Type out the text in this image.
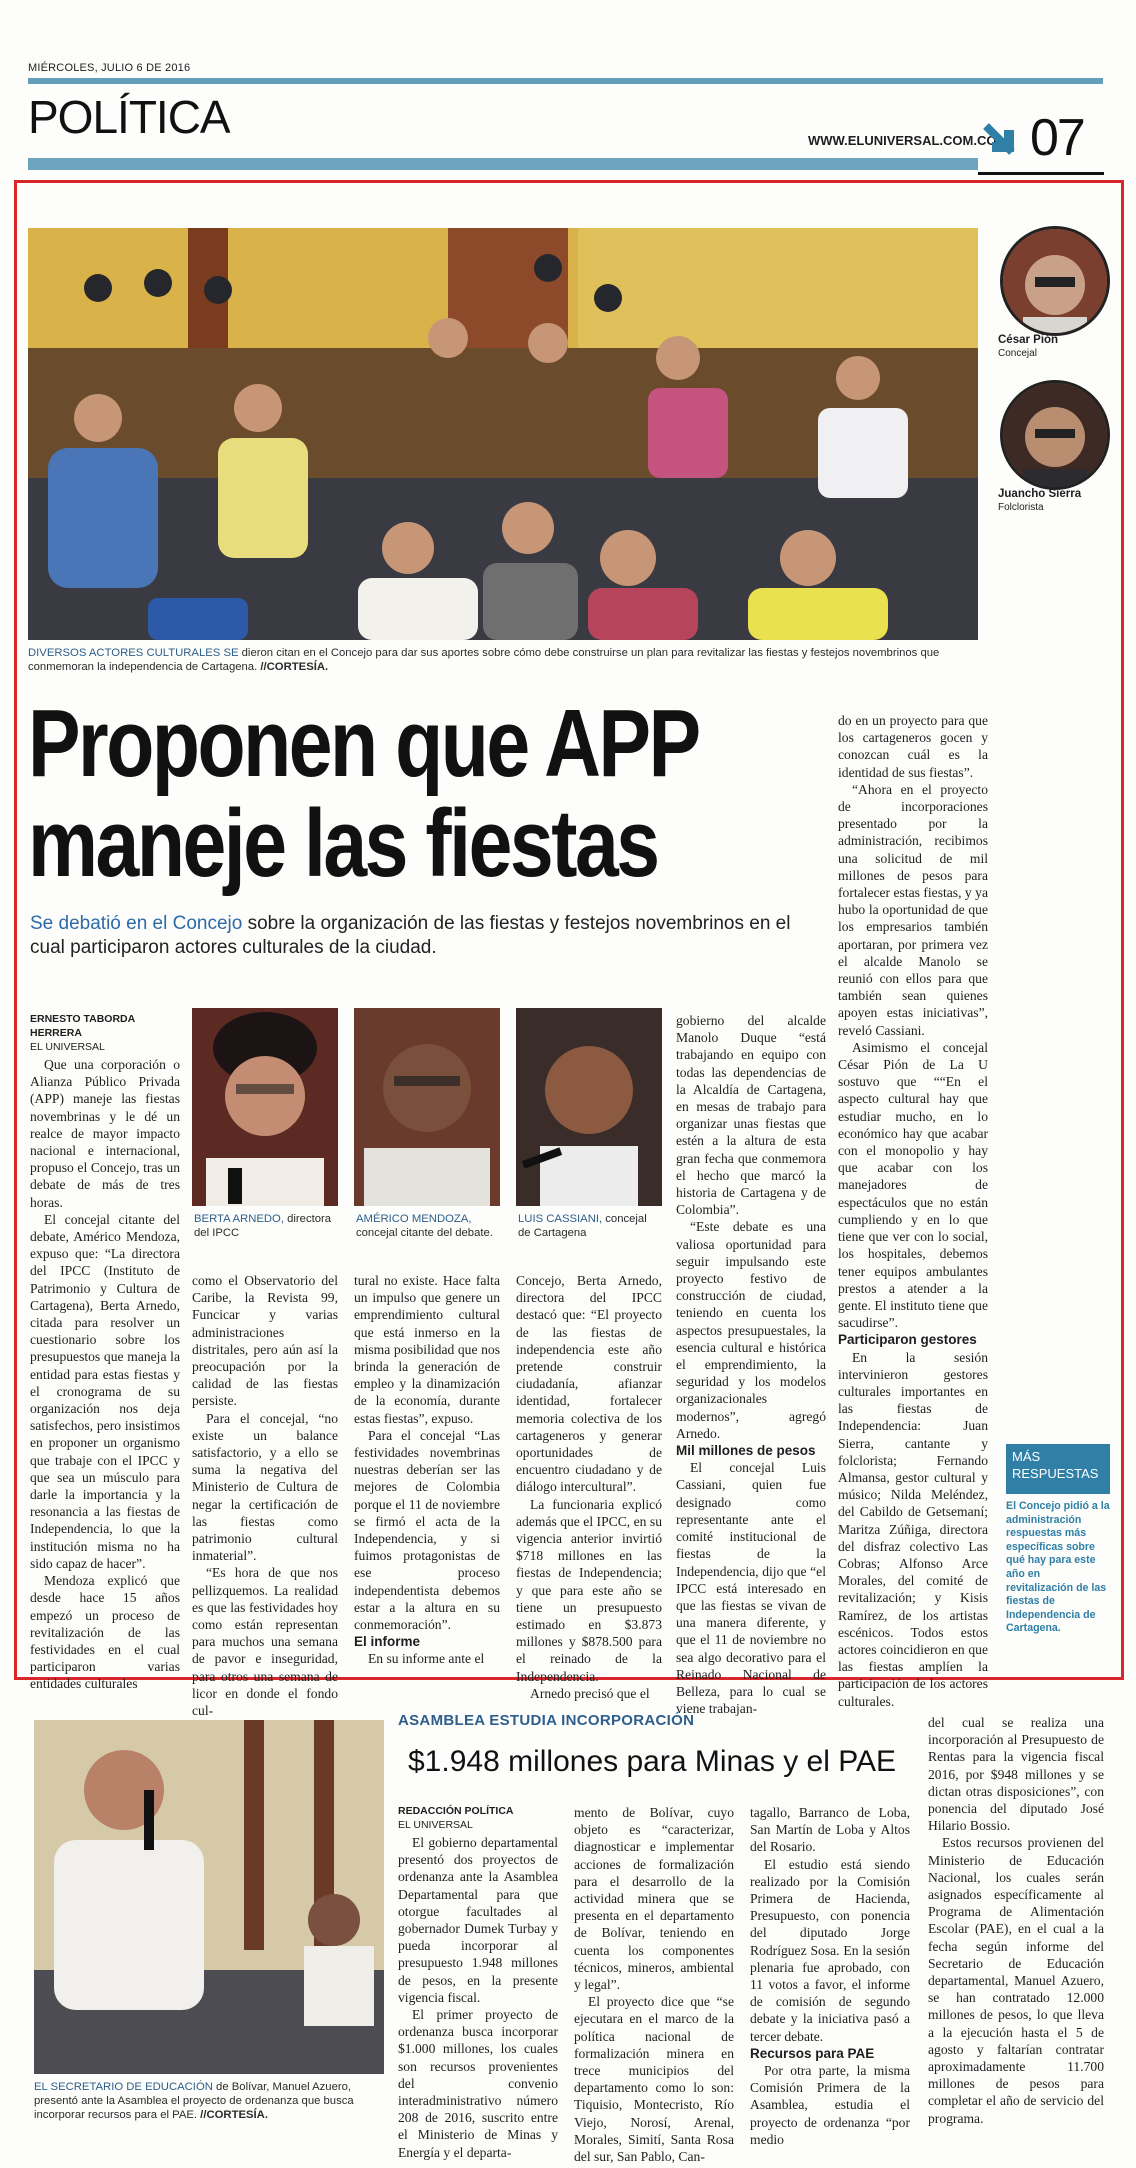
MIÉRCOLES, JULIO 6 DE 2016
POLÍTICA	WWW.ELUNIVERSAL.COM.CO 07
DIVERSOS ACTORES CULTURALES SE dieron citan en el Concejo para dar sus aportes sobre cómo debe construirse un plan para revitalizar las fiestas y festejos novembrinos que conmemoran la independencia de Cartagena. //CORTESÍA.
César Pión
Concejal
Juancho Sierra
Folclorista
MÁS
RESPUESTAS
El Concejo pidió a la administración respuestas más específicas sobre qué hay para este año en revitalización de las fiestas de Independencia de Cartagena.
Proponen que APP
maneje las fiestas
Se debatió en el Concejo sobre la organización de las fiestas y festejos novembrinos en el cual participaron actores culturales de la ciudad.
ERNESTO TABORDA HERRERA
EL UNIVERSAL

Que una corporación o Alianza Público Privada (APP) maneje las fiestas novembrinas y le dé un realce de mayor impacto nacional e internacional, propuso el Concejo, tras un debate de más de tres horas.

El concejal citante del debate, Américo Mendoza, expuso que: “La directora del IPCC (Instituto de Patrimonio y Cultura de Cartagena), Berta Arnedo, citada para resolver un cuestionario sobre los presupuestos que maneja la entidad para estas fiestas y el cronograma de su organización nos deja satisfechos, pero insistimos en proponer un organismo que trabaje con el IPCC y que sea un músculo para darle la importancia y la resonancia a las fiestas de Independencia, lo que la institución misma no ha sido capaz de hacer”.

Mendoza explicó que desde hace 15 años empezó un proceso de revitalización de las festividades en el cual participaron varias entidades culturales

BERTA ARNEDO, directora del IPCC
AMÉRICO MENDOZA, concejal citante del debate.
LUIS CASSIANI, concejal de Cartagena

como el Observatorio del Caribe, la Revista 99, Funcicar y varias administraciones distritales, pero aún así la preocupación por la calidad de las fiestas persiste.

Para el concejal, “no existe un balance satisfactorio, y a ello se suma la negativa del Ministerio de Cultura de negar la certificación de las fiestas como patrimonio cultural inmaterial”.

“Es hora de que nos pellizquemos. La realidad es que las festividades hoy como están representan para muchos una semana de pavor e inseguridad, para otros una semana de licor en donde el fondo cul-

tural no existe. Hace falta un impulso que genere un emprendimiento cultural que está inmerso en la misma posibilidad que nos brinda la generación de empleo y la dinamización de la economía, durante estas fiestas”, expuso.

Para el concejal “Las festividades novembrinas nuestras deberían ser las mejores de Colombia porque el 11 de noviembre se firmó el acta de la Independencia, y si fuimos protagonistas de ese proceso independentista debemos estar a la altura en su conmemoración”.

El informe

En su informe ante el

Concejo, Berta Arnedo, directora del IPCC destacó que: “El proyecto de las fiestas de independencia este año pretende construir ciudadanía, afianzar identidad, fortalecer memoria colectiva de los cartageneros y generar oportunidades de encuentro ciudadano y de diálogo intercultural”.

La funcionaria explicó además que el IPCC, en su vigencia anterior invirtió $718 millones en las fiestas de Independencia; y que para este año se tiene un presupuesto estimado en $3.873 millones y $878.500 para el reinado de la Independencia.

Arnedo precisó que el

gobierno del alcalde Manolo Duque “está trabajando en equipo con todas las dependencias de la Alcaldía de Cartagena, en mesas de trabajo para organizar unas fiestas que estén a la altura de esta gran fecha que conmemora el hecho que marcó la historia de Cartagena y de Colombia”.

“Este debate es una valiosa oportunidad para seguir impulsando este proyecto festivo de construcción de ciudad, teniendo en cuenta los aspectos presupuestales, la esencia cultural e histórica el emprendimiento, la seguridad y los modelos organizacionales modernos”, agregó Arnedo.

Mil millones de pesos

El concejal Luis Cassiani, quien fue designado como representante ante el comité institucional de fiestas de la Independencia, dijo que “el IPCC está interesado en que las fiestas se vivan de una manera diferente, y que el 11 de noviembre no sea algo decorativo para el Reinado Nacional de Belleza, para lo cual se viene trabajan-

do en un proyecto para que los cartageneros gocen y conozcan cuál es la identidad de sus fiestas”.

“Ahora en el proyecto de incorporaciones presentado por la administración, recibimos una solicitud de mil millones de pesos para fortalecer estas fiestas, y ya hubo la oportunidad de que los empresarios también aportaran, por primera vez el alcalde Manolo se reunió con ellos para que también sean quienes apoyen estas iniciativas”, reveló Cassiani.

Asimismo el concejal César Pión de La U sostuvo que ““En el aspecto cultural hay que estudiar mucho, en lo económico hay que acabar con el monopolio y hay que acabar con los manejadores de espectáculos que no están cumpliendo y en lo que tiene que ver con lo social, los hospitales, debemos tener equipos ambulantes prestos a atender a la gente. El instituto tiene que sacudirse”.

Participaron gestores

En la sesión intervinieron gestores culturales importantes en las fiestas de Independencia: Juan Sierra, cantante y folclorista; Fernando Almansa, gestor cultural y músico; Nilda Meléndez, del Cabildo de Getsemaní; Maritza Zúñiga, directora del disfraz colectivo Las Cobras; Alfonso Arce Morales, del comité de revitalización; y Kisis Ramírez, de los artistas escénicos. Todos estos actores coincidieron en que las fiestas amplíen la participación de los actores culturales.

EL SECRETARIO DE EDUCACIÓN de Bolívar, Manuel Azuero, presentó ante la Asamblea el proyecto de ordenanza que busca incorporar recursos para el PAE. //CORTESÍA.
ASAMBLEA ESTUDIA INCORPORACIÓN
$1.948 millones para Minas y el PAE
REDACCIÓN POLÍTICA
EL UNIVERSAL

El gobierno departamental presentó dos proyectos de ordenanza ante la Asamblea Departamental para que otorgue facultades al gobernador Dumek Turbay y pueda incorporar al presupuesto 1.948 millones de pesos, en la presente vigencia fiscal.

El primer proyecto de ordenanza busca incorporar $1.000 millones, los cuales son recursos provenientes del convenio interadministrativo número 208 de 2016, suscrito entre el Ministerio de Minas y Energía y el departa-

mento de Bolívar, cuyo objeto es “caracterizar, diagnosticar e implementar acciones de formalización para el desarrollo de la actividad minera que se presenta en el departamento de Bolívar, teniendo en cuenta los componentes técnicos, mineros, ambiental y legal”.

El proyecto dice que “se ejecutara en el marco de la política nacional de formalización minera en trece municipios del departamento como lo son: Tiquisio, Montecristo, Río Viejo, Norosí, Arenal, Morales, Simití, Santa Rosa del sur, San Pablo, Can-

tagallo, Barranco de Loba, San Martín de Loba y Altos del Rosario.

El estudio está siendo realizado por la Comisión Primera de Hacienda, Presupuesto, con ponencia del diputado Jorge Rodríguez Sosa. En la sesión plenaria fue aprobado, con 11 votos a favor, el informe de comisión de segundo debate y la iniciativa pasó a tercer debate.

Recursos para PAE

Por otra parte, la misma Comisión Primera de la Asamblea, estudia el proyecto de ordenanza “por medio

del cual se realiza una incorporación al Presupuesto de Rentas para la vigencia fiscal 2016, por $948 millones y se dictan otras disposiciones”, con ponencia del diputado José Hilario Bossio.

Estos recursos provienen del Ministerio de Educación Nacional, los cuales serán asignados específicamente al Programa de Alimentación Escolar (PAE), en el cual a la fecha según informe del Secretario de Educación departamental, Manuel Azuero, se han contratado 12.000 millones de pesos, lo que lleva a la ejecución hasta el 5 de agosto y faltarían contratar aproximadamente 11.700 millones de pesos para completar el año de servicio del programa.
